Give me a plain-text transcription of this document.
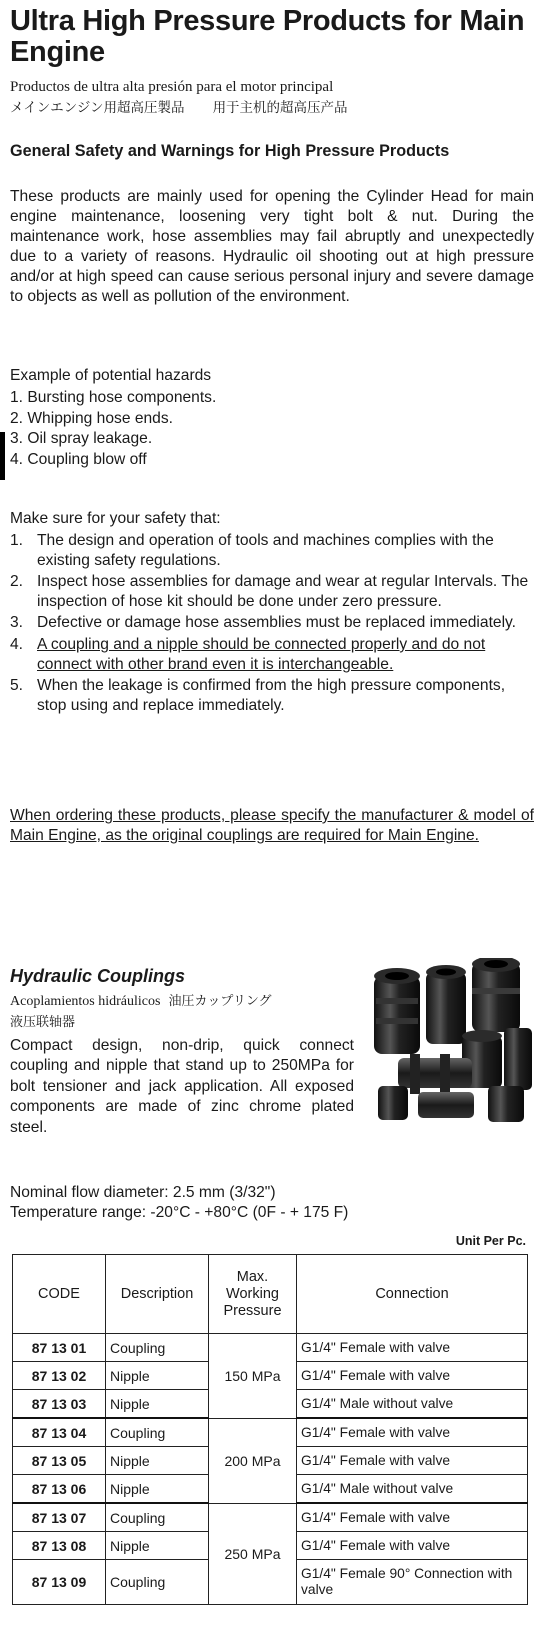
Ultra High Pressure Products for Main Engine
Productos de ultra alta presión para el motor principal
メインエンジン用超高圧製品 用于主机的超高压产品
General Safety and Warnings for High Pressure Products
These products are mainly used for opening the Cylinder Head for main engine maintenance, loosening very tight bolt & nut. During the maintenance work, hose assemblies may fail abruptly and unexpectedly due to a variety of reasons. Hydraulic oil shooting out at high pressure and/or at high speed can cause serious personal injury and severe damage to objects as well as pollution of the environment.
Example of potential hazards
1. Bursting hose components.
2. Whipping hose ends.
3. Oil spray leakage.
4. Coupling blow off
Make sure for your safety that:
1. The design and operation of tools and machines complies with the existing safety regulations.
2. Inspect hose assemblies for damage and wear at regular Intervals. The inspection of hose kit should be done under zero pressure.
3. Defective or damage hose assemblies must be replaced immediately.
4. A coupling and a nipple should be connected properly and do not connect with other brand even it is interchangeable.
5. When the leakage is confirmed from the high pressure components, stop using and replace immediately.
When ordering these products, please specify the manufacturer & model of Main Engine, as the original couplings are required for Main Engine.
Hydraulic Couplings
Acoplamientos hidráulicos 油圧カップリング
液压联轴器
Compact design, non-drip, quick connect coupling and nipple that stand up to 250MPa for bolt tensioner and jack application. All exposed components are made of zinc chrome plated steel.
Nominal flow diameter: 2.5 mm (3/32")
Temperature range: -20°C - +80°C (0F - + 175 F)
Unit Per Pc.
CODE	Description	Max. Working Pressure	Connection
87 13 01	Coupling	150 MPa	G1/4" Female with valve
87 13 02	Nipple		G1/4" Female with valve
87 13 03	Nipple		G1/4" Male without valve
87 13 04	Coupling	200 MPa	G1/4" Female with valve
87 13 05	Nipple		G1/4" Female with valve
87 13 06	Nipple		G1/4" Male without valve
87 13 07	Coupling	250 MPa	G1/4" Female with valve
87 13 08	Nipple		G1/4" Female with valve
87 13 09	Coupling		G1/4" Female 90° Connection with valve
